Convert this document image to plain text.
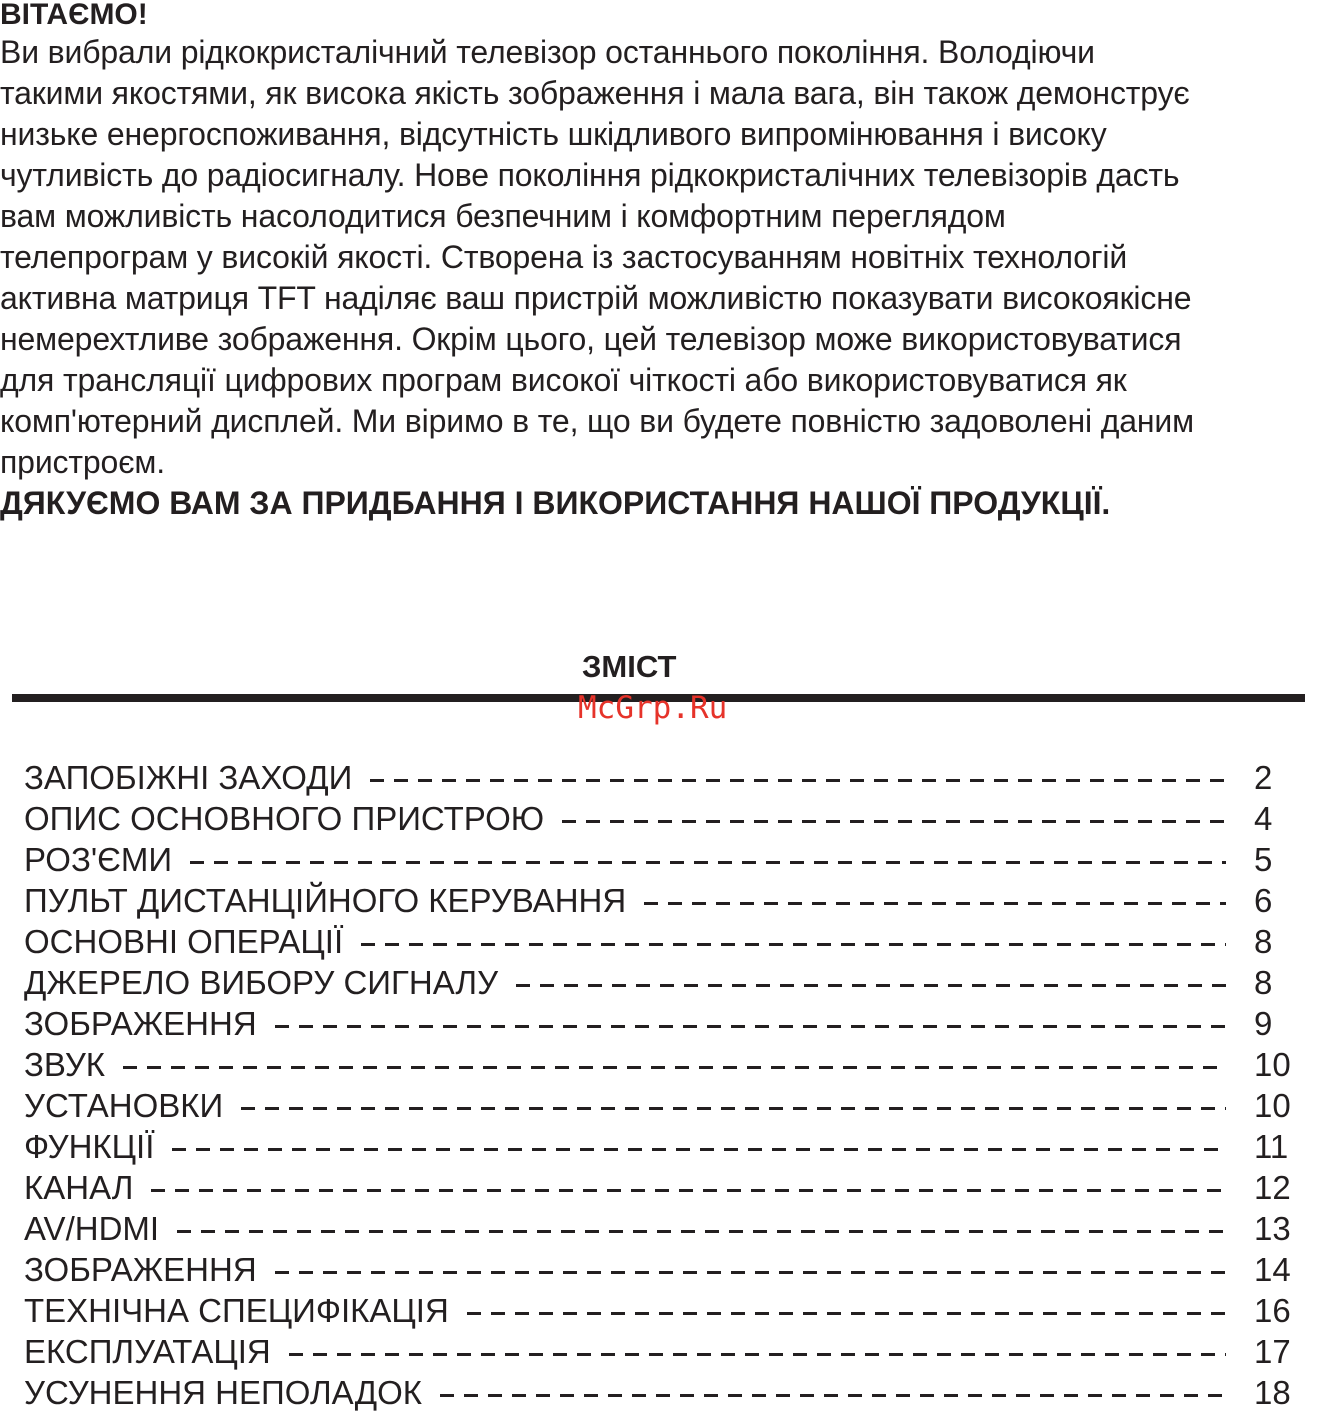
ВІТАЄМО!

Ви вибрали рідкокристалічний телевізор останнього покоління. Володіючи

такими якостями, як висока якість зображення і мала вага, він також демонструє

низьке енергоспоживання, відсутність шкідливого випромінювання і високу

чутливість до радіосигналу. Нове покоління рідкокристалічних телевізорів дасть

вам можливість насолодитися безпечним і комфортним переглядом

телепрограм у високій якості. Створена із застосуванням новітніх технологій

активна матриця TFT наділяє ваш пристрій можливістю показувати високоякісне

немерехтливе зображення. Окрім цього, цей телевізор може використовуватися

для трансляції цифрових програм високої чіткості або використовуватися як

комп'ютерний дисплей. Ми віримо в те, що ви будете повністю задоволені даним

пристроєм.

ДЯКУЄМО ВАМ ЗА ПРИДБАННЯ І ВИКОРИСТАННЯ НАШОЇ ПРОДУКЦІЇ.

ЗМІСТ
McGrp.Ru
ЗАПОБІЖНІ ЗАХОДИ	2
ОПИС ОСНОВНОГО ПРИСТРОЮ	4
РОЗ'ЄМИ	5
ПУЛЬТ ДИСТАНЦІЙНОГО КЕРУВАННЯ	6
ОСНОВНІ ОПЕРАЦІЇ	8
ДЖЕРЕЛО ВИБОРУ СИГНАЛУ	8
ЗОБРАЖЕННЯ	9
ЗВУК	10
УСТАНОВКИ	10
ФУНКЦІЇ	11
КАНАЛ	12
AV/HDMI	13
ЗОБРАЖЕННЯ	14
ТЕХНІЧНА СПЕЦИФІКАЦІЯ	16
ЕКСПЛУАТАЦІЯ	17
УСУНЕННЯ НЕПОЛАДОК	18
